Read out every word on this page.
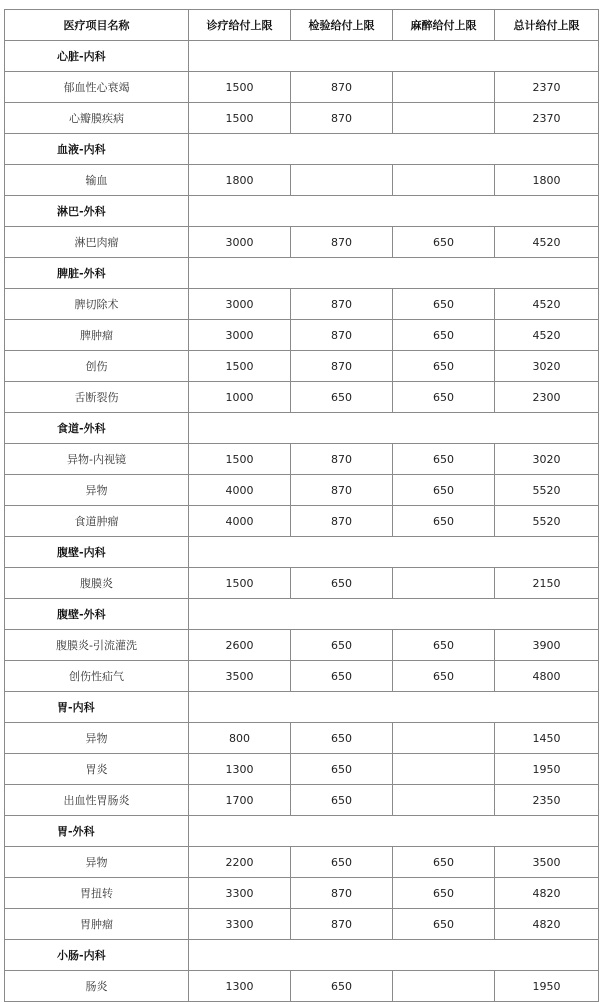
医疗项目名称	诊疗给付上限	检验给付上限	麻醉给付上限	总计给付上限
心脏-内科				
郁血性心衰竭	1500	870		2370
心瓣膜疾病	1500	870		2370
血液-内科				
输血	1800			1800
淋巴-外科				
淋巴肉瘤	3000	870	650	4520
脾脏-外科				
脾切除术	3000	870	650	4520
脾肿瘤	3000	870	650	4520
创伤	1500	870	650	3020
舌断裂伤	1000	650	650	2300
食道-外科				
异物-内视镜	1500	870	650	3020
异物	4000	870	650	5520
食道肿瘤	4000	870	650	5520
腹壁-内科				
腹膜炎	1500	650		2150
腹壁-外科				
腹膜炎-引流灌洗	2600	650	650	3900
创伤性疝气	3500	650	650	4800
胃-内科				
异物	800	650		1450
胃炎	1300	650		1950
出血性胃肠炎	1700	650		2350
胃-外科				
异物	2200	650	650	3500
胃扭转	3300	870	650	4820
胃肿瘤	3300	870	650	4820
小肠-内科				
肠炎	1300	650		1950
